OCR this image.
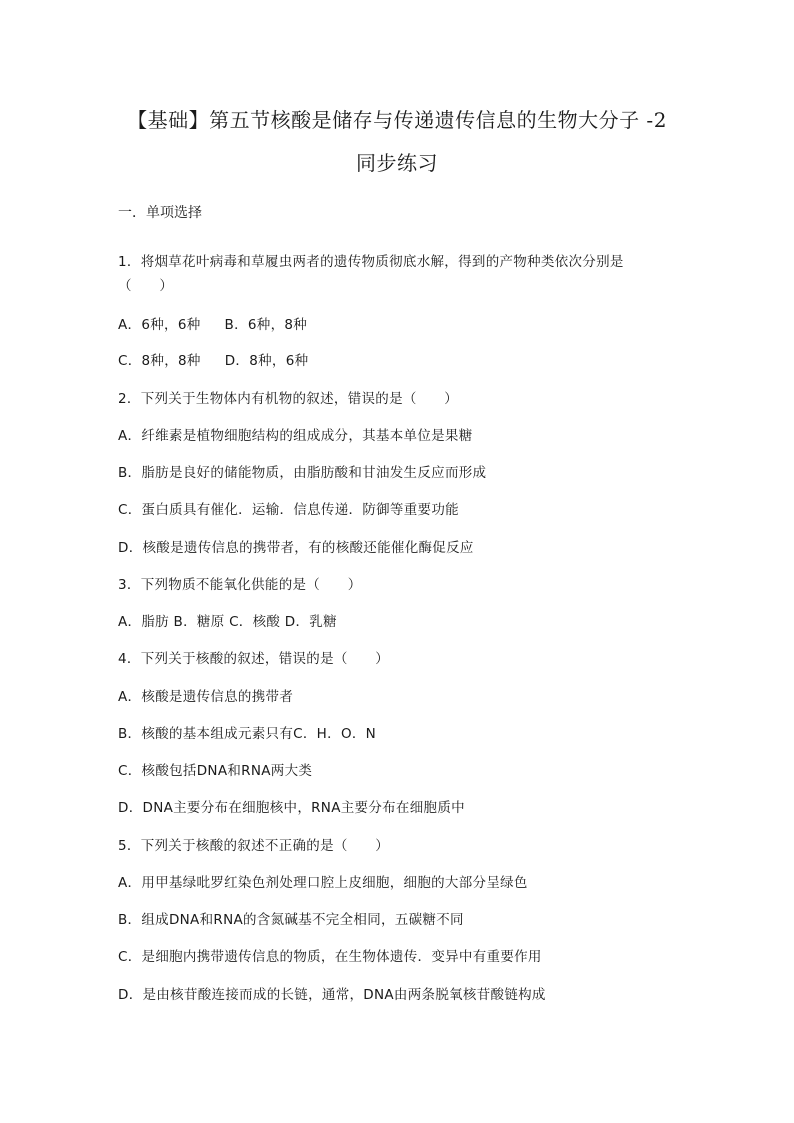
【基础】第五节核酸是储存与传递遗传信息的生物大分子 -2
同步练习
一．单项选择
1．将烟草花叶病毒和草履虫两者的遗传物质彻底水解，得到的产物种类依次分别是
（　　）
A．6种，6种 B．6种，8种
C．8种，8种 D．8种，6种
2．下列关于生物体内有机物的叙述，错误的是（　　）
A．纤维素是植物细胞结构的组成成分，其基本单位是果糖
B．脂肪是良好的储能物质，由脂肪酸和甘油发生反应而形成
C．蛋白质具有催化．运输．信息传递．防御等重要功能
D．核酸是遗传信息的携带者，有的核酸还能催化酶促反应
3．下列物质不能氧化供能的是（　　）
A．脂肪 B．糖原 C．核酸 D．乳糖
4．下列关于核酸的叙述，错误的是（　　）
A．核酸是遗传信息的携带者
B．核酸的基本组成元素只有C．H．O．N
C．核酸包括DNA和RNA两大类
D．DNA主要分布在细胞核中，RNA主要分布在细胞质中
5．下列关于核酸的叙述不正确的是（　　）
A．用甲基绿吡罗红染色剂处理口腔上皮细胞，细胞的大部分呈绿色
B．组成DNA和RNA的含氮碱基不完全相同，五碳糖不同
C．是细胞内携带遗传信息的物质，在生物体遗传．变异中有重要作用
D．是由核苷酸连接而成的长链，通常，DNA由两条脱氧核苷酸链构成
